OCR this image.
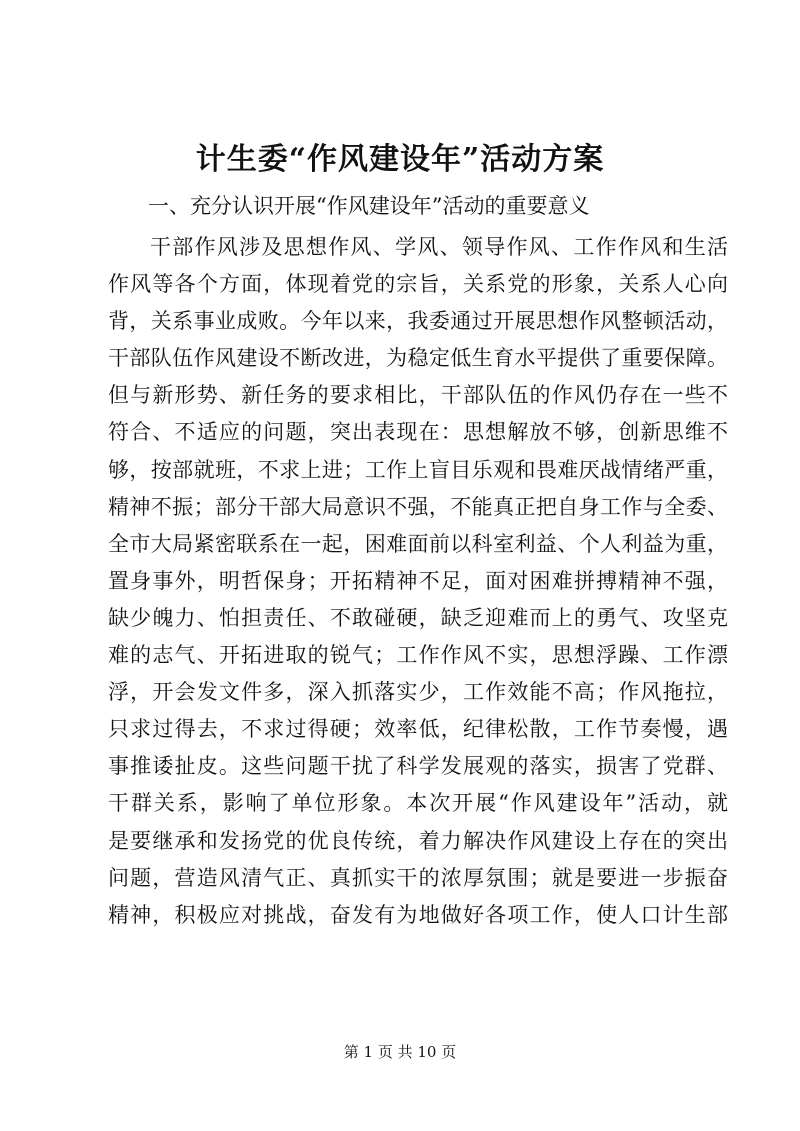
计生委“作风建设年”活动方案

一、充分认识开展“作风建设年”活动的重要意义

干部作风涉及思想作风、学风、领导作风、工作作风和生活
作风等各个方面，体现着党的宗旨，关系党的形象，关系人心向
背，关系事业成败。今年以来，我委通过开展思想作风整顿活动，
干部队伍作风建设不断改进，为稳定低生育水平提供了重要保障。
但与新形势、新任务的要求相比，干部队伍的作风仍存在一些不
符合、不适应的问题，突出表现在：思想解放不够，创新思维不
够，按部就班，不求上进；工作上盲目乐观和畏难厌战情绪严重，
精神不振；部分干部大局意识不强，不能真正把自身工作与全委、
全市大局紧密联系在一起，困难面前以科室利益、个人利益为重，
置身事外，明哲保身；开拓精神不足，面对困难拼搏精神不强，
缺少魄力、怕担责任、不敢碰硬，缺乏迎难而上的勇气、攻坚克
难的志气、开拓进取的锐气；工作作风不实，思想浮躁、工作漂
浮，开会发文件多，深入抓落实少，工作效能不高；作风拖拉，
只求过得去，不求过得硬；效率低，纪律松散，工作节奏慢，遇
事推诿扯皮。这些问题干扰了科学发展观的落实，损害了党群、
干群关系，影响了单位形象。本次开展“作风建设年”活动，就
是要继承和发扬党的优良传统，着力解决作风建设上存在的突出
问题，营造风清气正、真抓实干的浓厚氛围；就是要进一步振奋
精神，积极应对挑战，奋发有为地做好各项工作，使人口计生部

第 1 页 共 10 页
